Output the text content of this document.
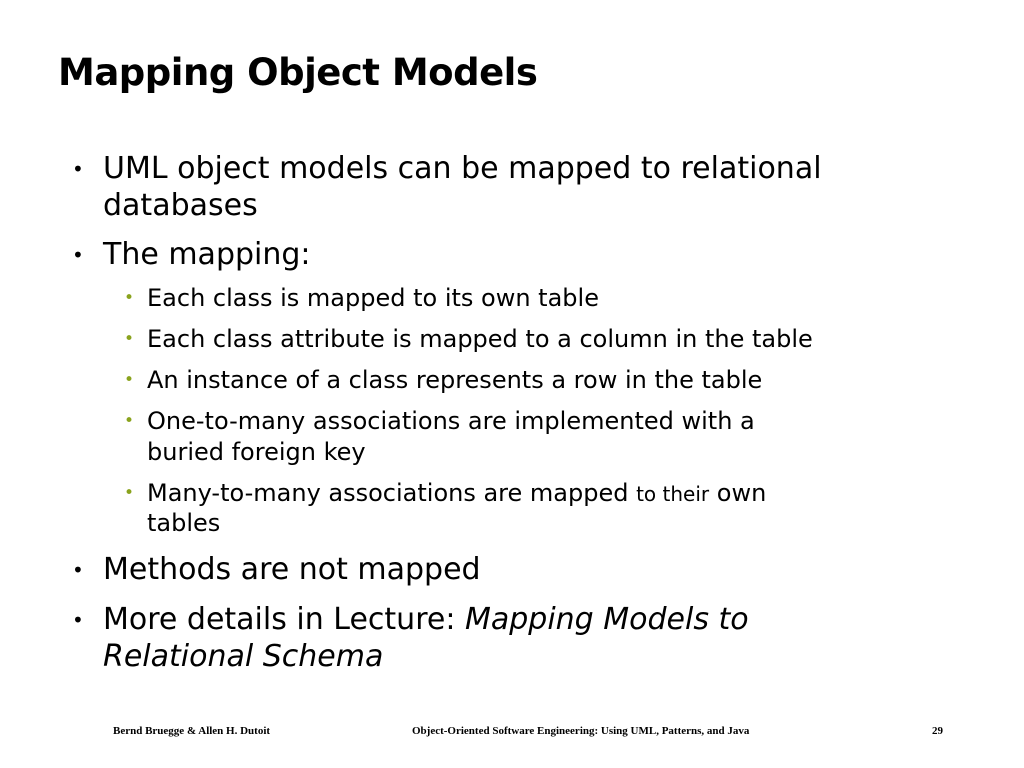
Mapping Object Models
• UML object models can be mapped to relational
databases
• The mapping:
• Each class is mapped to its own table
• Each class attribute is mapped to a column in the table
• An instance of a class represents a row in the table
• One-to-many associations are implemented with a
buried foreign key
• Many-to-many associations are mapped to their own
tables
• Methods are not mapped
• More details in Lecture: Mapping Models to
Relational Schema
Bernd Bruegge & Allen H. Dutoit	Object-Oriented Software Engineering: Using UML, Patterns, and Java	29
